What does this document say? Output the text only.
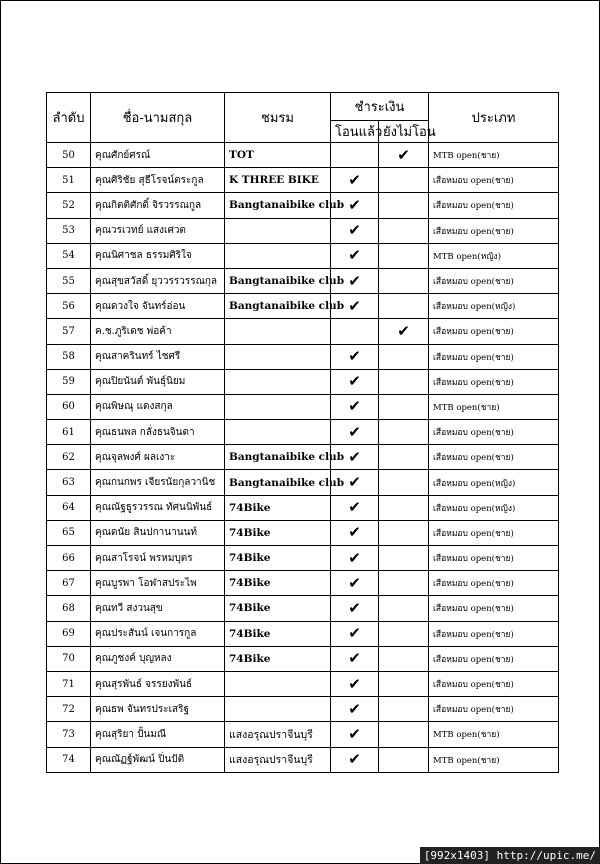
ลำดับ	ชื่อ-นามสกุล	ชมรม	ชำระเงิน		ประเภท
			โอนแล้ว	ยังไม่โอน	
50	คุณศักย์ศรณ์	TOT		✔	MTB open(ชาย)
51	คุณศิริชัย สุธีโรจน์ตระกูล	K THREE BIKE	✔		เสือหมอบ open(ชาย)
52	คุณกิตติศักดิ์ จิรวรรณกูล	Bangtanaibike club	✔		เสือหมอบ open(ชาย)
53	คุณวรเวทย์ แสงเศวต		✔		เสือหมอบ open(ชาย)
54	คุณนิศาชล ธรรมศิริใจ		✔		MTB open(หญิง)
55	คุณสุขสวัสดิ์ ยุววรรวรรณกุล	Bangtanaibike club	✔		เสือหมอบ open(ชาย)
56	คุณดวงใจ จันทร์อ่อน	Bangtanaibike club	✔		เสือหมอบ open(หญิง)
57	ค.ช.ภูริเดช พ่อค้า			✔	เสือหมอบ open(ชาย)
58	คุณสาครินทร์ ไชศรี		✔		เสือหมอบ open(ชาย)
59	คุณปิยนันต์ พันธุ์นิยม		✔		เสือหมอบ open(ชาย)
60	คุณพิษณุ แดงสกุล		✔		MTB open(ชาย)
61	คุณธนพล กลั่งธนจินดา		✔		เสือหมอบ open(ชาย)
62	คุณจุลพงศ์ ผลเงาะ	Bangtanaibike club	✔		เสือหมอบ open(ชาย)
63	คุณกนกพร เจียรนัยกุลวานิช	Bangtanaibike club	✔		เสือหมอบ open(หญิง)
64	คุณณัฐธูรวรรณ ทัศนนิพันธ์	74Bike	✔		เสือหมอบ open(หญิง)
65	คุณดนัย สินปกานานนท์	74Bike	✔		เสือหมอบ open(ชาย)
66	คุณสาโรจน์ พรหมบุตร	74Bike	✔		เสือหมอบ open(ชาย)
67	คุณบูรพา โอฬาสประไพ	74Bike	✔		เสือหมอบ open(ชาย)
68	คุณทวี สงวนสุข	74Bike	✔		เสือหมอบ open(ชาย)
69	คุณประสันน์ เจนการกูล	74Bike	✔		เสือหมอบ open(ชาย)
70	คุณภูชงค์ บุญหลง	74Bike	✔		เสือหมอบ open(ชาย)
71	คุณสุรพันธ์ จรรยงพันธ์		✔		เสือหมอบ open(ชาย)
72	คุณธพ จันทรประเสริฐ		✔		เสือหมอบ open(ชาย)
73	คุณสุริยา ปั้นมณี	แสงอรุณปราจีนบุรี	✔		MTB open(ชาย)
74	คุณณัฏฐ์พัฒน์ ปิ่นปัติ	แสงอรุณปราจีนบุรี	✔		MTB open(ชาย)
[992x1403] http://upic.me/
